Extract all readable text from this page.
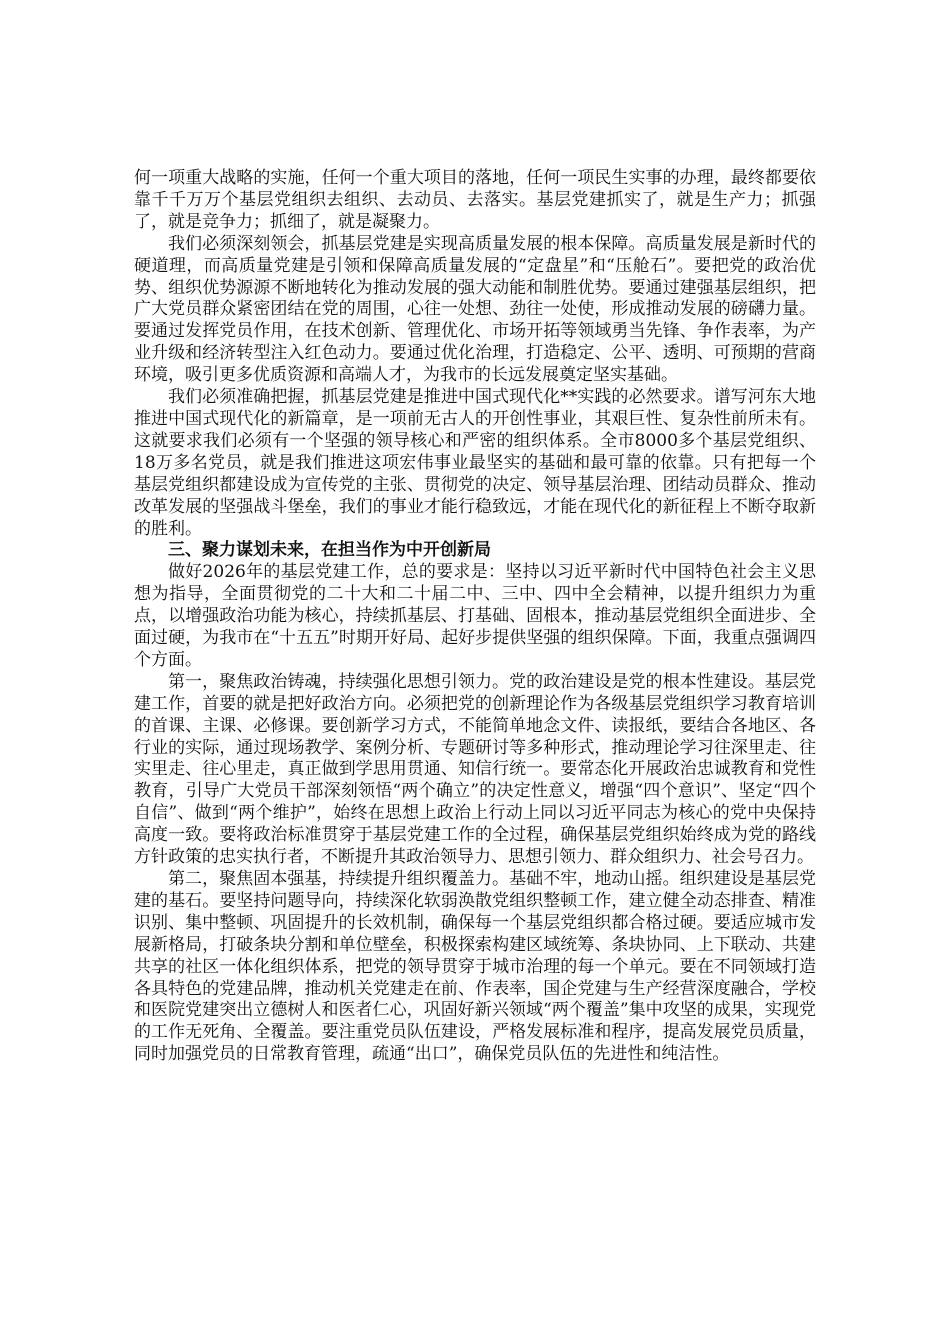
何一项重大战略的实施，任何一个重大项目的落地，任何一项民生实事的办理，最终都要依靠千千万万个基层党组织去组织、去动员、去落实。基层党建抓实了，就是生产力；抓强了，就是竞争力；抓细了，就是凝聚力。

我们必须深刻领会，抓基层党建是实现高质量发展的根本保障。高质量发展是新时代的硬道理，而高质量党建是引领和保障高质量发展的“定盘星”和“压舱石”。要把党的政治优势、组织优势源源不断地转化为推动发展的强大动能和制胜优势。要通过建强基层组织，把广大党员群众紧密团结在党的周围，心往一处想、劲往一处使，形成推动发展的磅礴力量。要通过发挥党员作用，在技术创新、管理优化、市场开拓等领域勇当先锋、争作表率，为产业升级和经济转型注入红色动力。要通过优化治理，打造稳定、公平、透明、可预期的营商环境，吸引更多优质资源和高端人才，为我市的长远发展奠定坚实基础。

我们必须准确把握，抓基层党建是推进中国式现代化**实践的必然要求。谱写河东大地推进中国式现代化的新篇章，是一项前无古人的开创性事业，其艰巨性、复杂性前所未有。这就要求我们必须有一个坚强的领导核心和严密的组织体系。全市8000多个基层党组织、18万多名党员，就是我们推进这项宏伟事业最坚实的基础和最可靠的依靠。只有把每一个基层党组织都建设成为宣传党的主张、贯彻党的决定、领导基层治理、团结动员群众、推动改革发展的坚强战斗堡垒，我们的事业才能行稳致远，才能在现代化的新征程上不断夺取新的胜利。

三、聚力谋划未来，在担当作为中开创新局

做好2026年的基层党建工作，总的要求是：坚持以习近平新时代中国特色社会主义思想为指导，全面贯彻党的二十大和二十届二中、三中、四中全会精神，以提升组织力为重点，以增强政治功能为核心，持续抓基层、打基础、固根本，推动基层党组织全面进步、全面过硬，为我市在“十五五”时期开好局、起好步提供坚强的组织保障。下面，我重点强调四个方面。

第一，聚焦政治铸魂，持续强化思想引领力。党的政治建设是党的根本性建设。基层党建工作，首要的就是把好政治方向。必须把党的创新理论作为各级基层党组织学习教育培训的首课、主课、必修课。要创新学习方式，不能简单地念文件、读报纸，要结合各地区、各行业的实际，通过现场教学、案例分析、专题研讨等多种形式，推动理论学习往深里走、往实里走、往心里走，真正做到学思用贯通、知信行统一。要常态化开展政治忠诚教育和党性教育，引导广大党员干部深刻领悟“两个确立”的决定性意义，增强“四个意识”、坚定“四个自信”、做到“两个维护”，始终在思想上政治上行动上同以习近平同志为核心的党中央保持高度一致。要将政治标准贯穿于基层党建工作的全过程，确保基层党组织始终成为党的路线方针政策的忠实执行者，不断提升其政治领导力、思想引领力、群众组织力、社会号召力。

第二，聚焦固本强基，持续提升组织覆盖力。基础不牢，地动山摇。组织建设是基层党建的基石。要坚持问题导向，持续深化软弱涣散党组织整顿工作，建立健全动态排查、精准识别、集中整顿、巩固提升的长效机制，确保每一个基层党组织都合格过硬。要适应城市发展新格局，打破条块分割和单位壁垒，积极探索构建区域统筹、条块协同、上下联动、共建共享的社区一体化组织体系，把党的领导贯穿于城市治理的每一个单元。要在不同领域打造各具特色的党建品牌，推动机关党建走在前、作表率，国企党建与生产经营深度融合，学校和医院党建突出立德树人和医者仁心，巩固好新兴领域“两个覆盖”集中攻坚的成果，实现党的工作无死角、全覆盖。要注重党员队伍建设，严格发展标准和程序，提高发展党员质量，同时加强党员的日常教育管理，疏通“出口”，确保党员队伍的先进性和纯洁性。
